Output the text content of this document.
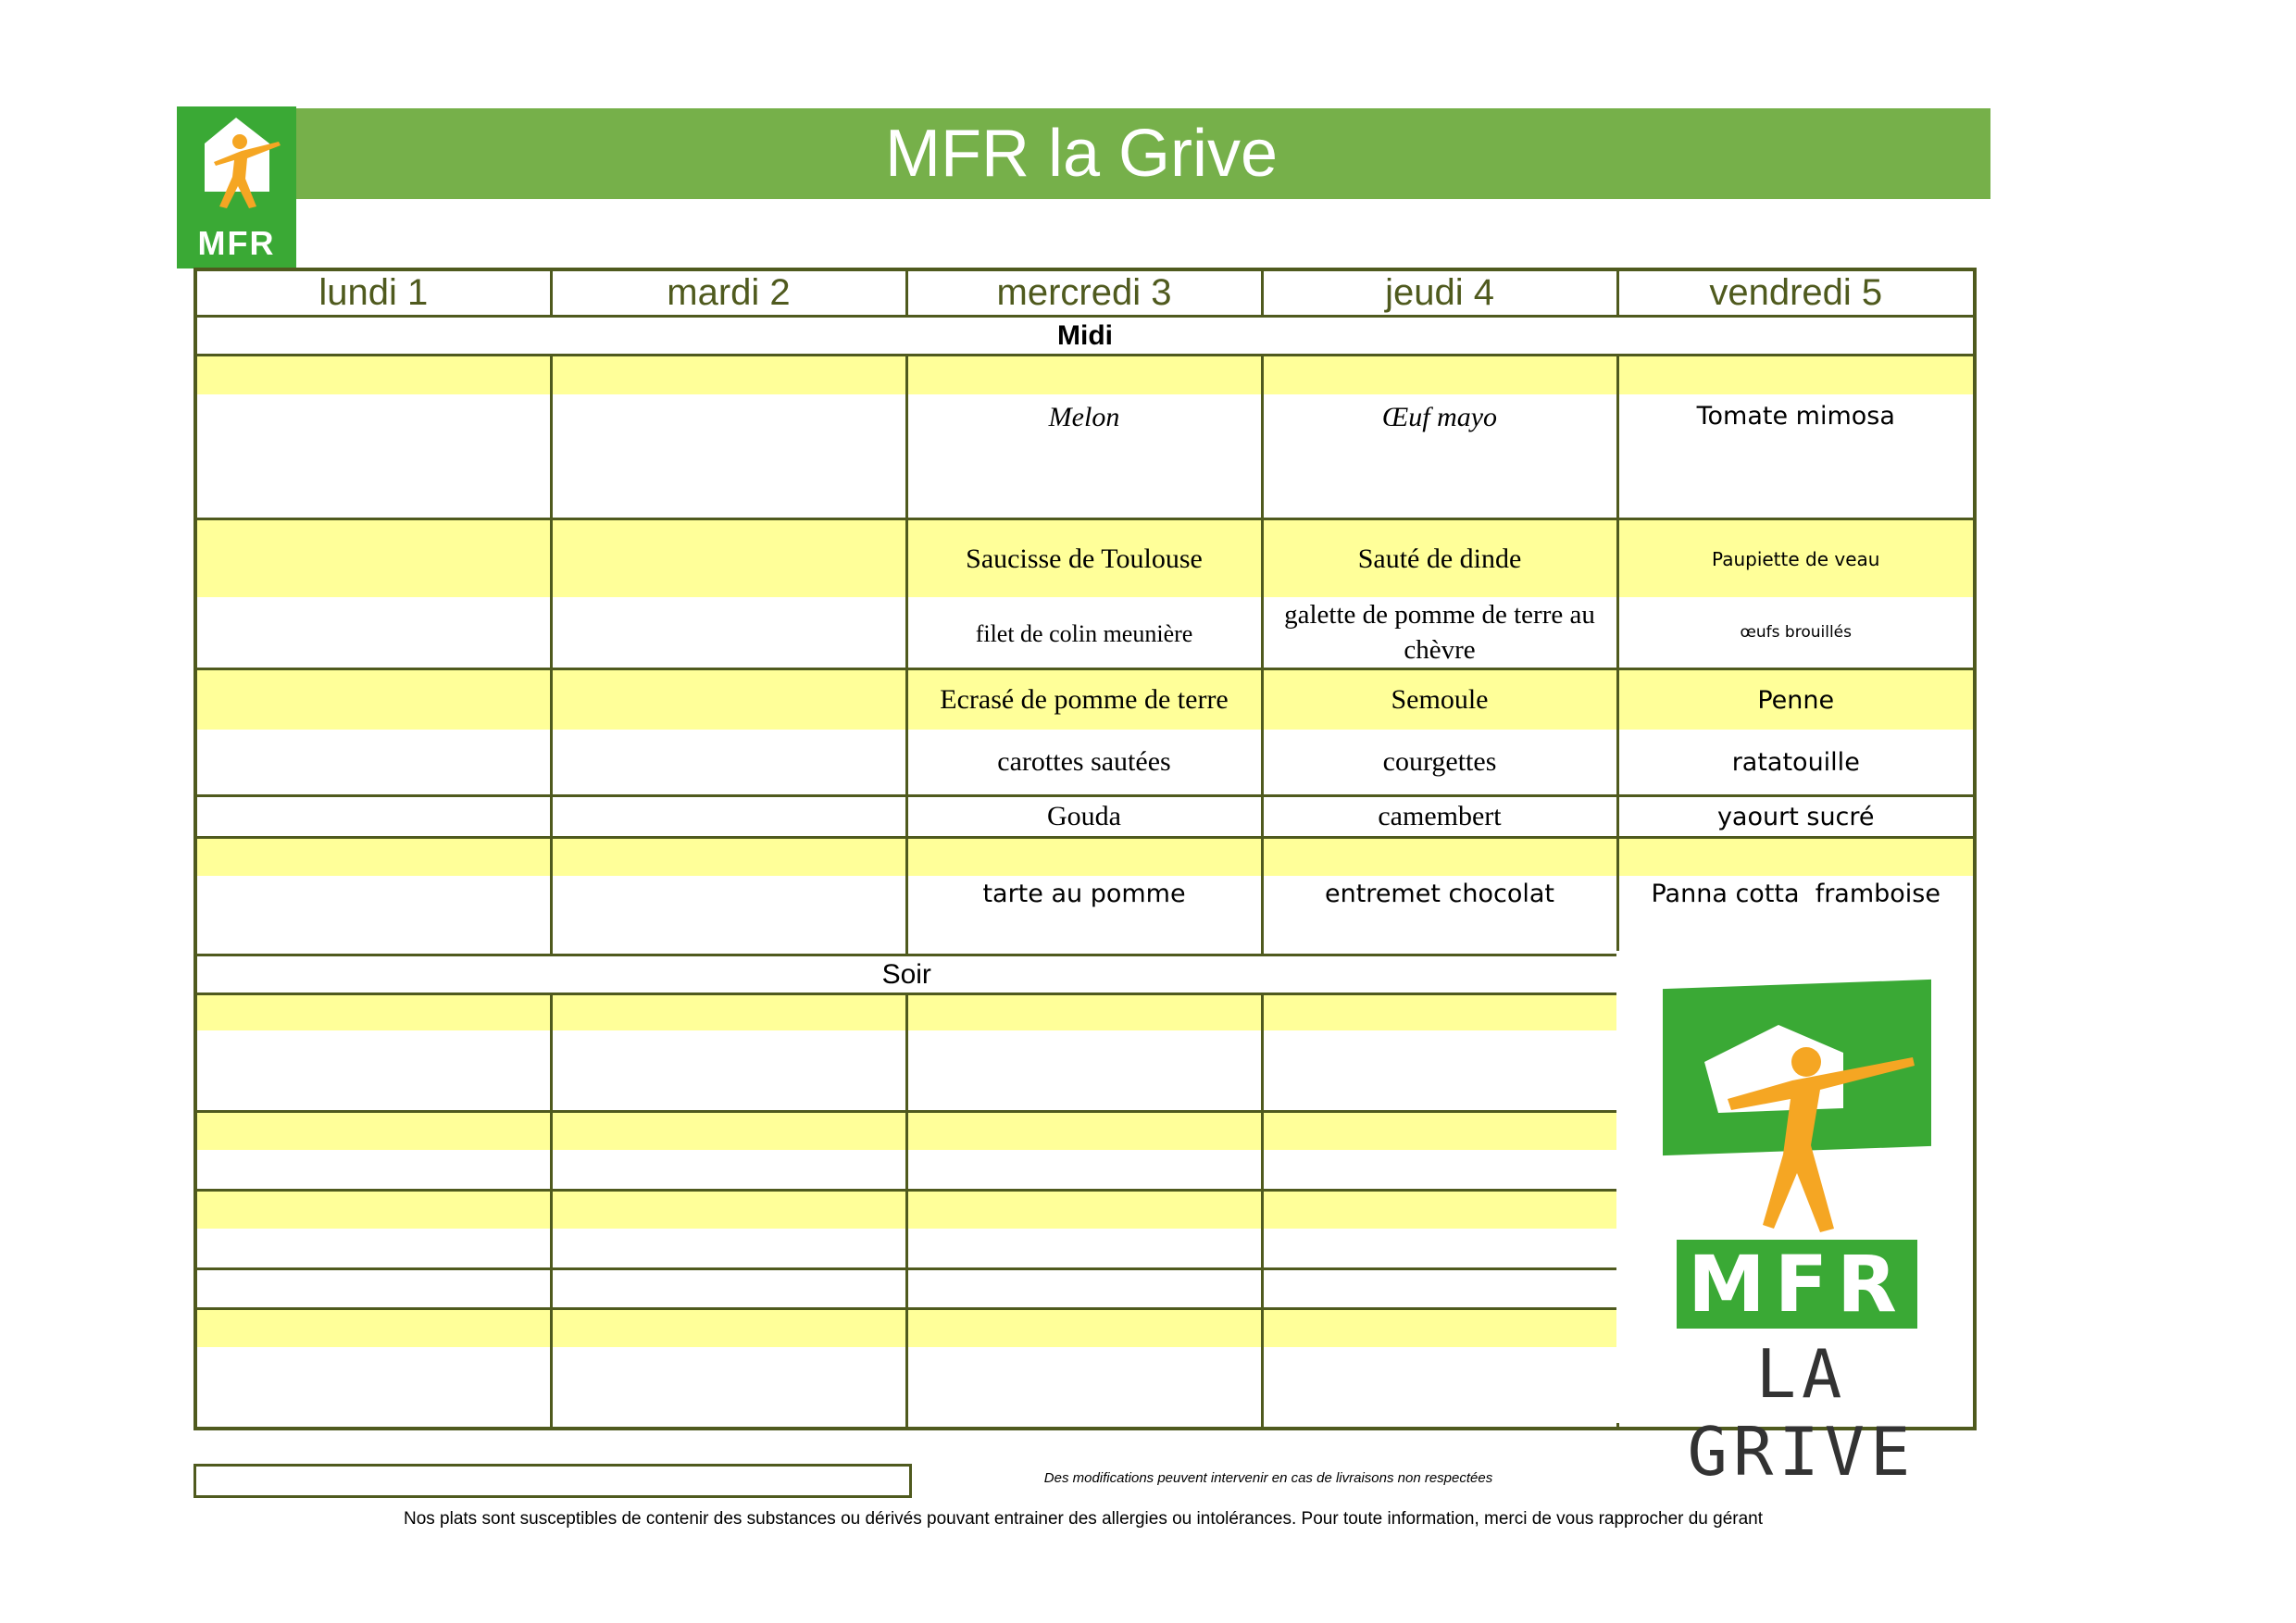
MFR la Grive
MFR
lundi 1	mardi 2	mercredi 3	jeudi 4	vendredi 5

Midi				

		Melon	Œuf mayo	Tomate mimosa
		Saucisse de Toulouse	Sauté de dinde	Paupiette de veau
		filet de colin meunière	galette de pomme de terre au chèvre	œufs brouillés
		Ecrasé de pomme de terre	Semoule	Penne
		carottes sautées	courgettes	ratatouille
		Gouda	camembert	yaourt sucré

		tarte au pomme	entremet chocolat	Panna cotta  framboise
Soir				

MFR
LA GRIVE
Des modifications peuvent intervenir en cas de livraisons non respectées
Nos plats sont susceptibles de contenir des substances ou dérivés pouvant entrainer des allergies ou intolérances. Pour toute information, merci de vous rapprocher du gérant
